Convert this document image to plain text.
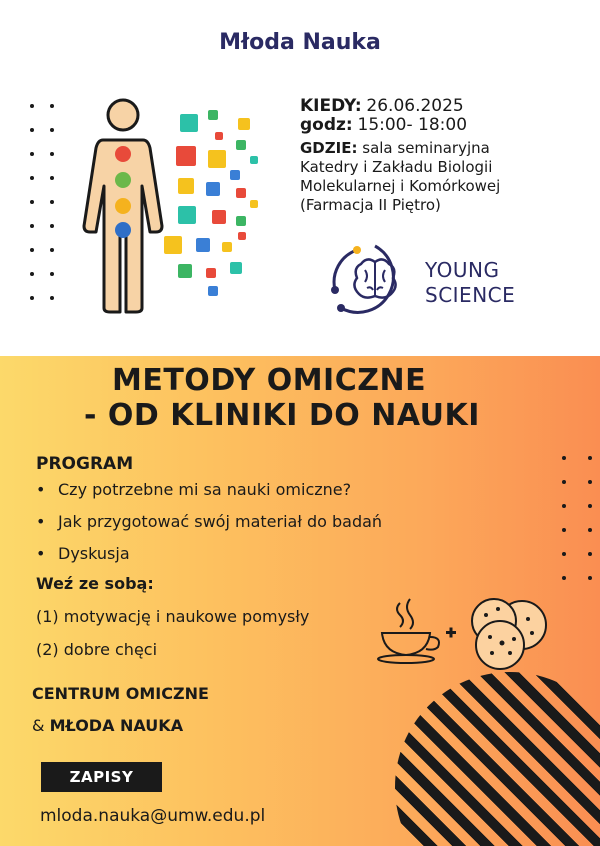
Młoda Nauka
KIEDY: 26.06.2025
godz: 15:00- 18:00
GDZIE: sala seminaryjna
Katedry i Zakładu Biologii
Molekularnej i Komórkowej
(Farmacja II Piętro)
YOUNG
SCIENCE
METODY OMICZNE
- OD KLINIKI DO NAUKI
PROGRAM
• Czy potrzebne mi sa nauki omiczne?
• Jak przygotować swój materiał do badań
• Dyskusja
Weź ze sobą:
(1) motywację i naukowe pomysły
(2) dobre chęci
CENTRUM OMICZNE
& MŁODA NAUKA
ZAPISY
mloda.nauka@umw.edu.pl
